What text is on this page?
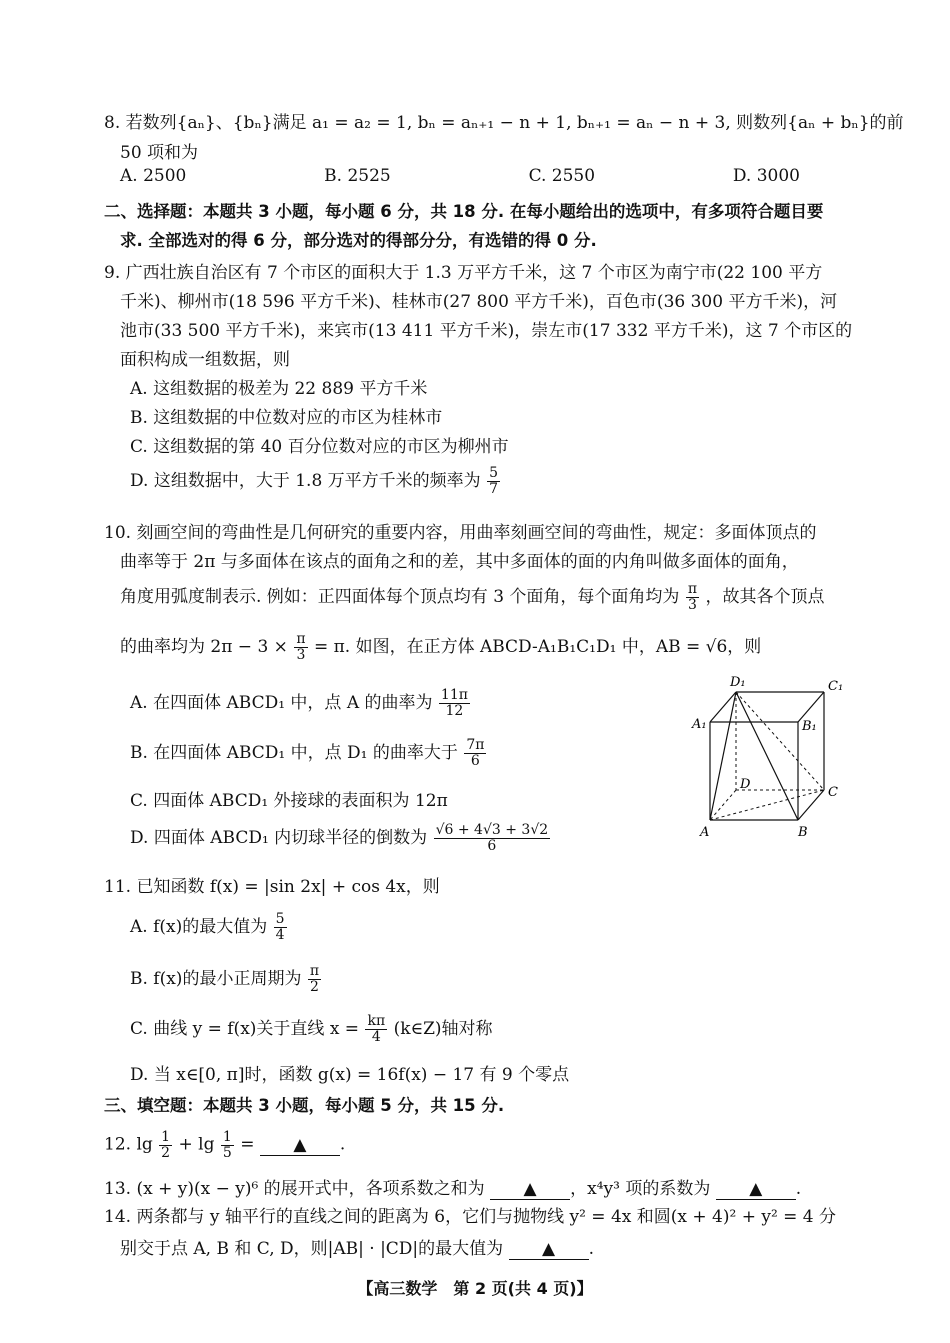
8. 若数列{aₙ}、{bₙ}满足 a₁ = a₂ = 1, bₙ = aₙ₊₁ − n + 1, bₙ₊₁ = aₙ − n + 3, 则数列{aₙ + bₙ}的前
50 项和为
A. 2500	B. 2525	C. 2550	D. 3000
二、选择题：本题共 3 小题，每小题 6 分，共 18 分. 在每小题给出的选项中，有多项符合题目要
求. 全部选对的得 6 分，部分选对的得部分分，有选错的得 0 分.
9. 广西壮族自治区有 7 个市区的面积大于 1.3 万平方千米，这 7 个市区为南宁市(22 100 平方
千米)、柳州市(18 596 平方千米)、桂林市(27 800 平方千米)，百色市(36 300 平方千米)，河
池市(33 500 平方千米)，来宾市(13 411 平方千米)，崇左市(17 332 平方千米)，这 7 个市区的
面积构成一组数据，则
A. 这组数据的极差为 22 889 平方千米
B. 这组数据的中位数对应的市区为桂林市
C. 这组数据的第 40 百分位数对应的市区为柳州市
D. 这组数据中，大于 1.8 万平方千米的频率为 $\frac{5}{7}$
10. 刻画空间的弯曲性是几何研究的重要内容，用曲率刻画空间的弯曲性，规定：多面体顶点的
曲率等于 2π 与多面体在该点的面角之和的差，其中多面体的面的内角叫做多面体的面角，
角度用弧度制表示. 例如：正四面体每个顶点均有 3 个面角，每个面角均为 $\frac{\pi}{3}$ ，故其各个顶点
的曲率均为 $2\pi - 3 \times \frac{\pi}{3} = \pi$. 如图，在正方体 ABCD-A₁B₁C₁D₁ 中，AB = √6，则
A. 在四面体 ABCD₁ 中，点 A 的曲率为 $\frac{11\pi}{12}$
B. 在四面体 ABCD₁ 中，点 D₁ 的曲率大于 $\frac{7\pi}{6}$
C. 四面体 ABCD₁ 外接球的表面积为 12π
D. 四面体 ABCD₁ 内切球半径的倒数为 $\frac{√6 + 4√3 + 3√2}{6}$
D₁	C₁
A₁	B₁
D
C
A	B
11. 已知函数 f(x) = |sin 2x| + cos 4x，则
A. f(x)的最大值为 $\frac{5}{4}$
B. f(x)的最小正周期为 $\frac{\pi}{2}$
C. 曲线 y = f(x)关于直线 $x = \frac{k\pi}{4}$ (k∈Z)轴对称
D. 当 x∈[0, π]时，函数 g(x) = 16f(x) − 17 有 9 个零点
三、填空题：本题共 3 小题，每小题 5 分，共 15 分.
12. $\lg \frac{1}{2} + \lg \frac{1}{5}$ = ▲ .
13. (x + y)(x − y)⁶ 的展开式中，各项系数之和为 ▲ ，x⁴y³ 项的系数为 ▲ .
14. 两条都与 y 轴平行的直线之间的距离为 6，它们与抛物线 y² = 4x 和圆(x + 4)² + y² = 4 分
别交于点 A, B 和 C, D，则|AB| · |CD|的最大值为 ▲ .
【高三数学　第 2 页(共 4 页)】
